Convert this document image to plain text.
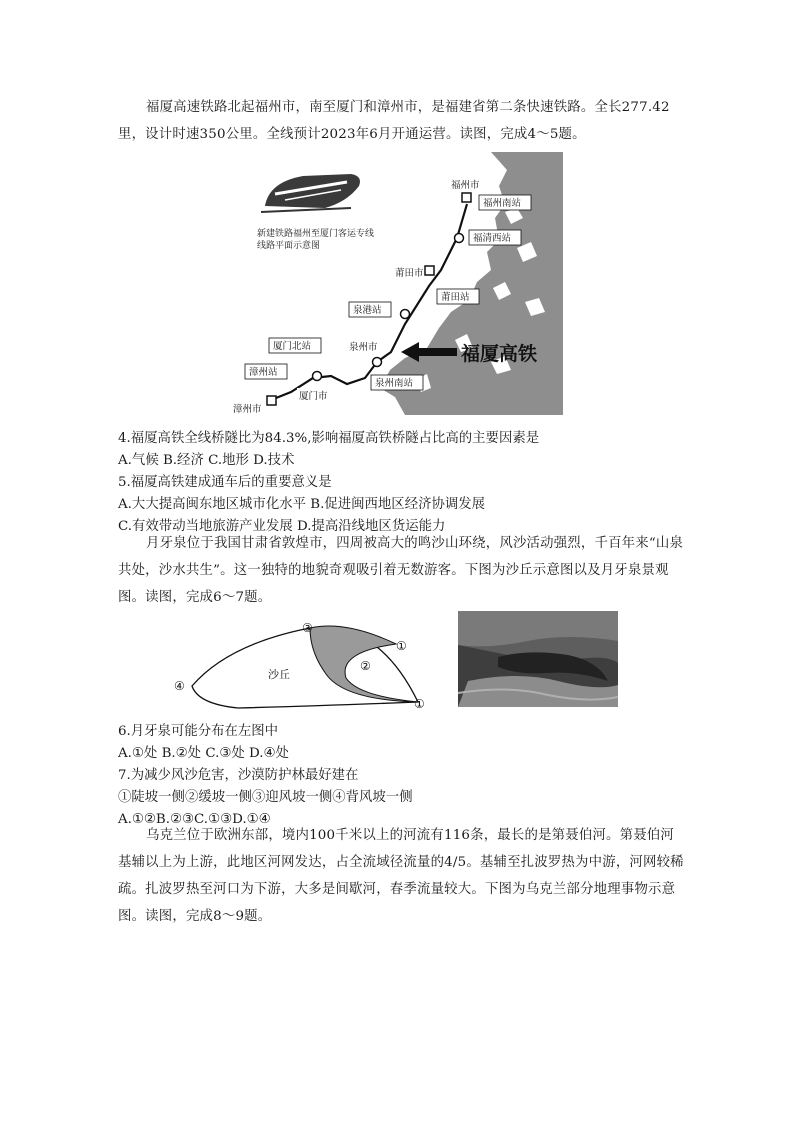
福厦高速铁路北起福州市，南至厦门和漳州市，是福建省第二条快速铁路。全长277.42里，设计时速350公里。全线预计2023年6月开通运营。读图，完成4～5题。
新建铁路福州至厦门客运专线
线路平面示意图
福州市
福州南站
福清西站
莆田市
莆田站
泉港站
泉州市
泉州南站
厦门北站
漳州站
漳州市
厦门市
福厦高铁
4.福厦高铁全线桥隧比为84.3%,影响福厦高铁桥隧占比高的主要因素是
A.气候 B.经济 C.地形 D.技术
5.福厦高铁建成通车后的重要意义是
A.大大提高闽东地区城市化水平 B.促进闽西地区经济协调发展
C.有效带动当地旅游产业发展 D.提高沿线地区货运能力
月牙泉位于我国甘肃省敦煌市，四周被高大的鸣沙山环绕，风沙活动强烈，千百年来“山泉共处，沙水共生”。这一独特的地貌奇观吸引着无数游客。下图为沙丘示意图以及月牙泉景观图。读图，完成6～7题。
沙丘
③
①
②
④
①
6.月牙泉可能分布在左图中
A.①处 B.②处 C.③处 D.④处
7.为减少风沙危害，沙漠防护林最好建在
①陡坡一侧②缓坡一侧③迎风坡一侧④背风坡一侧
A.①②B.②③C.①③D.①④
乌克兰位于欧洲东部，境内100千米以上的河流有116条，最长的是第聂伯河。第聂伯河基辅以上为上游，此地区河网发达，占全流域径流量的4/5。基辅至扎波罗热为中游，河网较稀疏。扎波罗热至河口为下游，大多是间歇河，春季流量较大。下图为乌克兰部分地理事物示意图。读图，完成8～9题。
